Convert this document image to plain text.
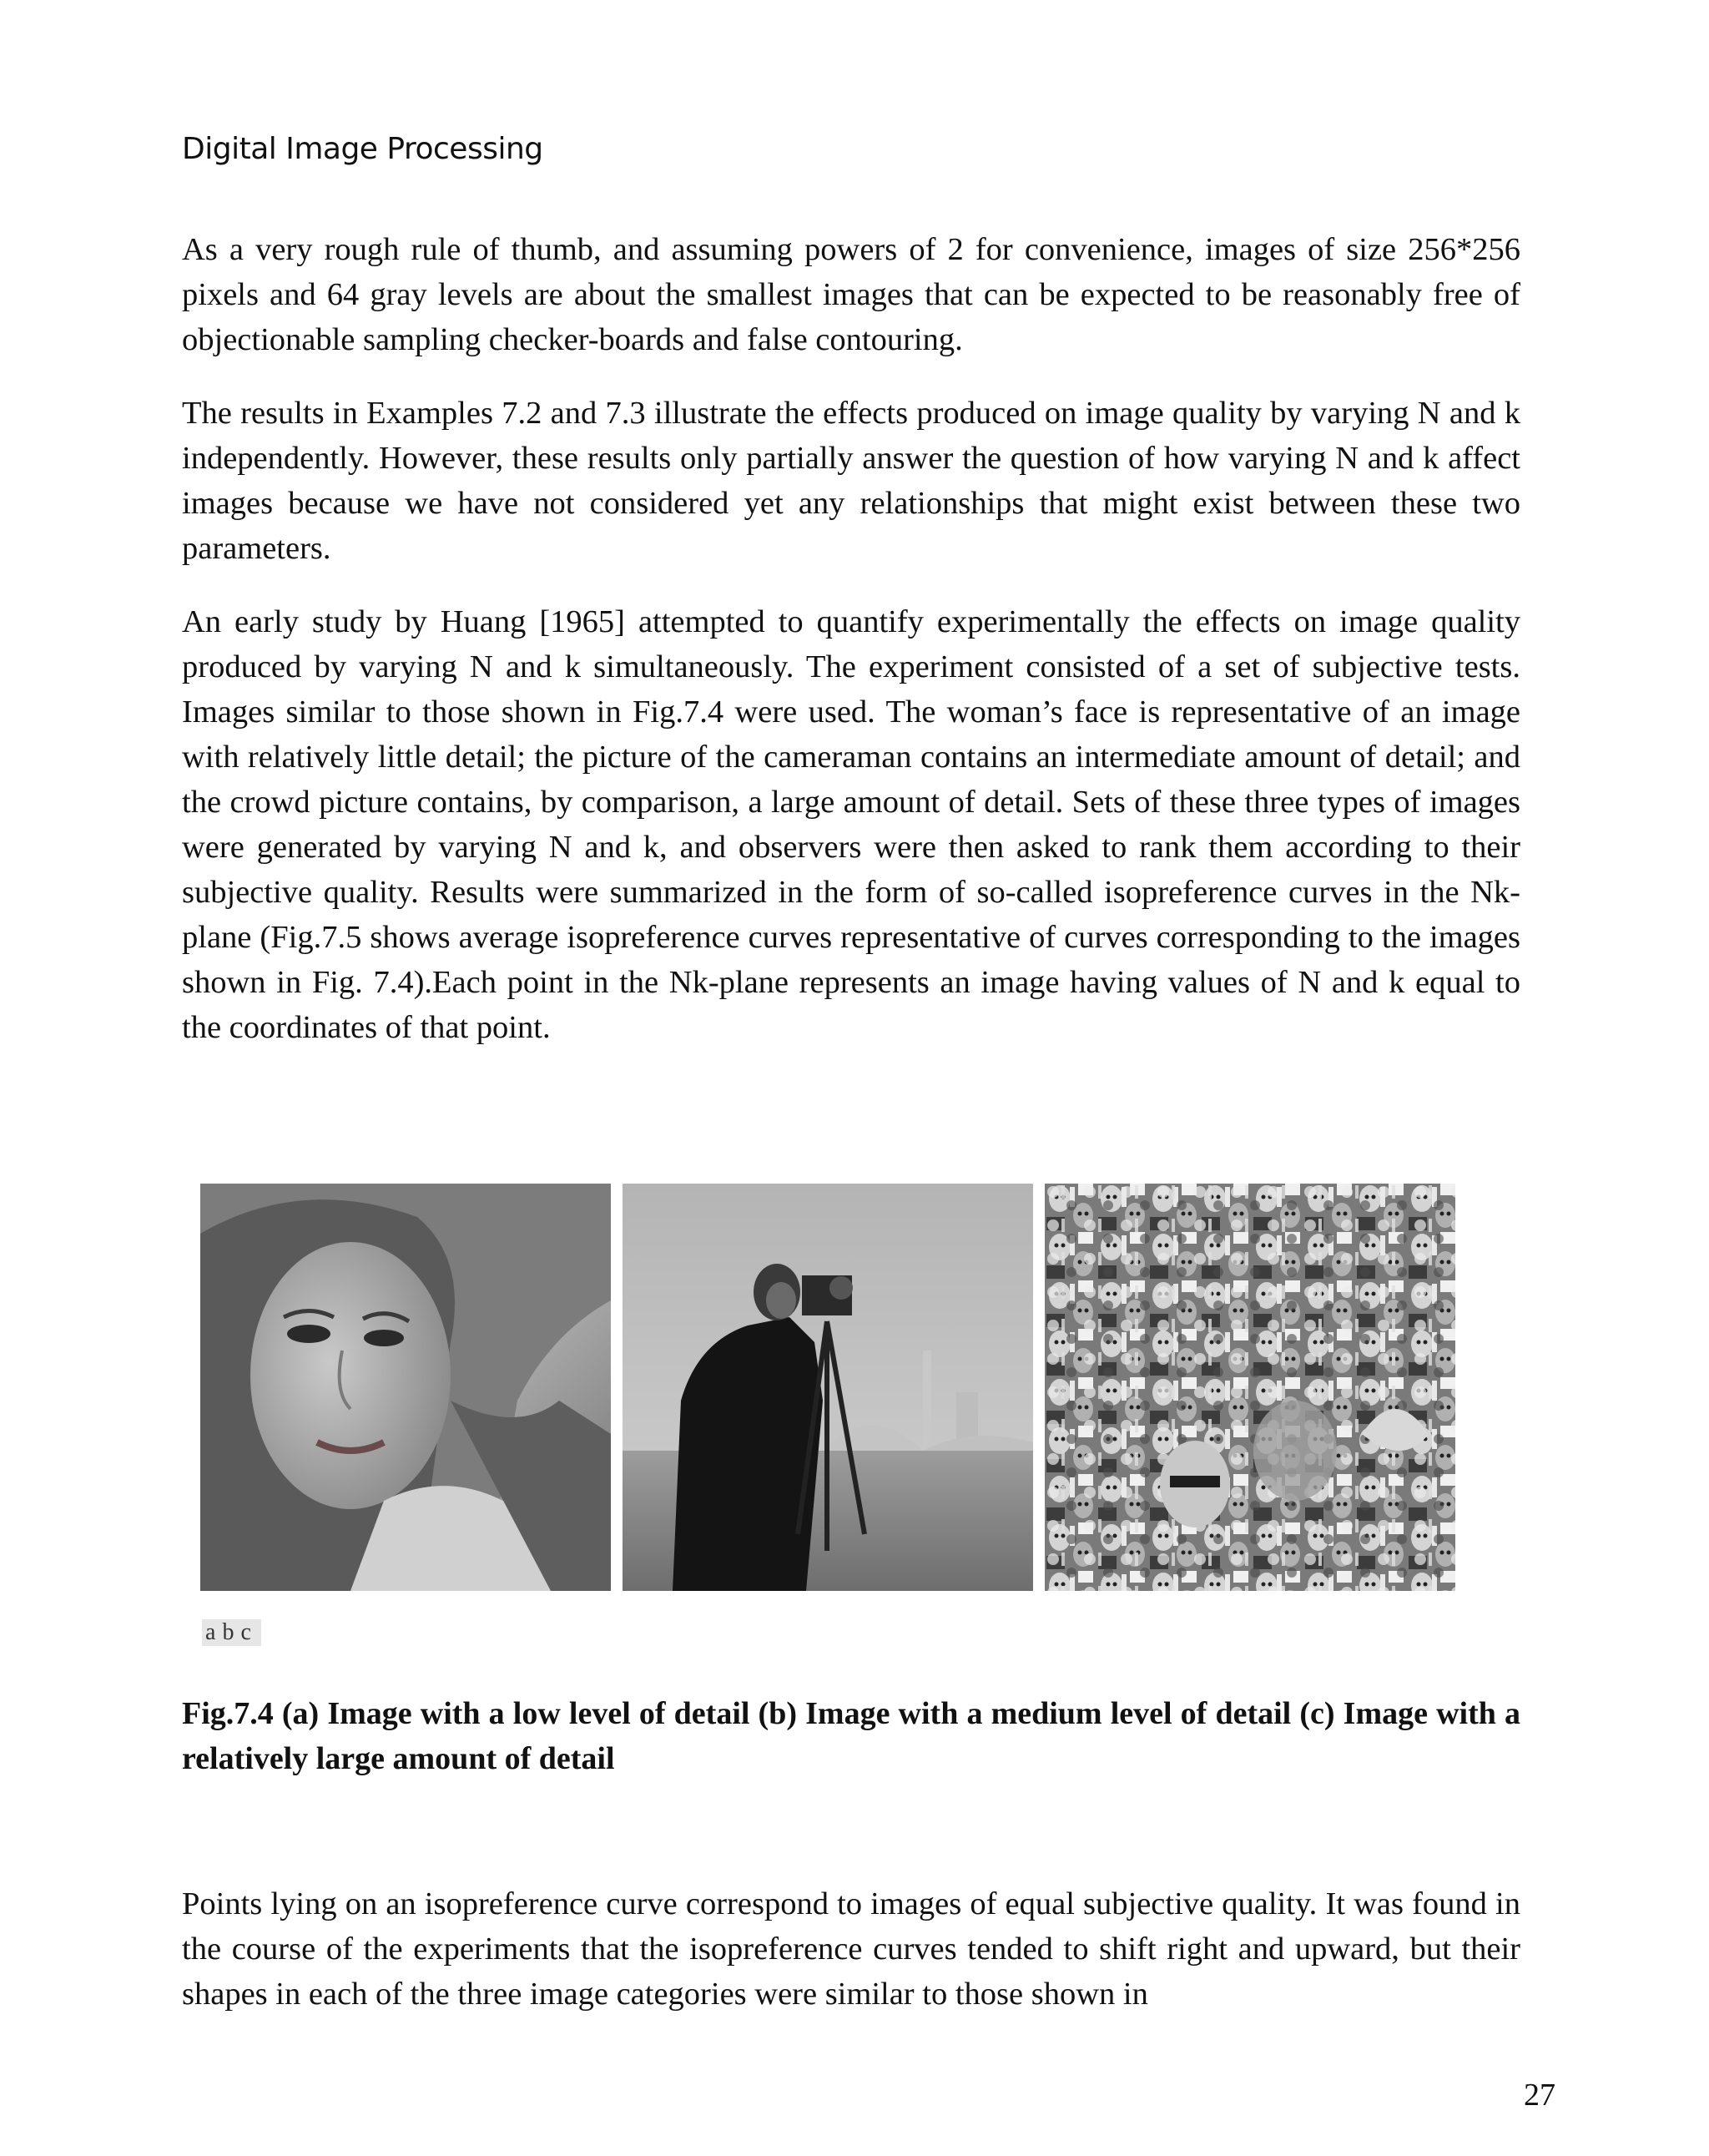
Digital Image Processing

As a very rough rule of thumb, and assuming powers of 2 for convenience, images of size 256*256 pixels and 64 gray levels are about the smallest images that can be expected to be reasonably free of objectionable sampling checker-boards and false contouring.

The results in Examples 7.2 and 7.3 illustrate the effects produced on image quality by varying N and k independently. However, these results only partially answer the question of how varying N and k affect images because we have not considered yet any relationships that might exist between these two parameters.

An early study by Huang [1965] attempted to quantify experimentally the effects on image quality produced by varying N and k simultaneously. The experiment consisted of a set of subjective tests. Images similar to those shown in Fig.7.4 were used. The woman’s face is representative of an image with relatively little detail; the picture of the cameraman contains an intermediate amount of detail; and the crowd picture contains, by comparison, a large amount of detail. Sets of these three types of images were generated by varying N and k, and observers were then asked to rank them according to their subjective quality. Results were summarized in the form of so-called isopreference curves in the Nk-plane (Fig.7.5 shows average isopreference curves representative of curves corresponding to the images shown in Fig. 7.4).Each point in the Nk-plane represents an image having values of N and k equal to the coordinates of that point.

a b c
Fig.7.4 (a) Image with a low level of detail (b) Image with a medium level of detail (c) Image with a relatively large amount of detail

Points lying on an isopreference curve correspond to images of equal subjective quality. It was found in the course of the experiments that the isopreference curves tended to shift right and upward, but their shapes in each of the three image categories were similar to those shown in

27
